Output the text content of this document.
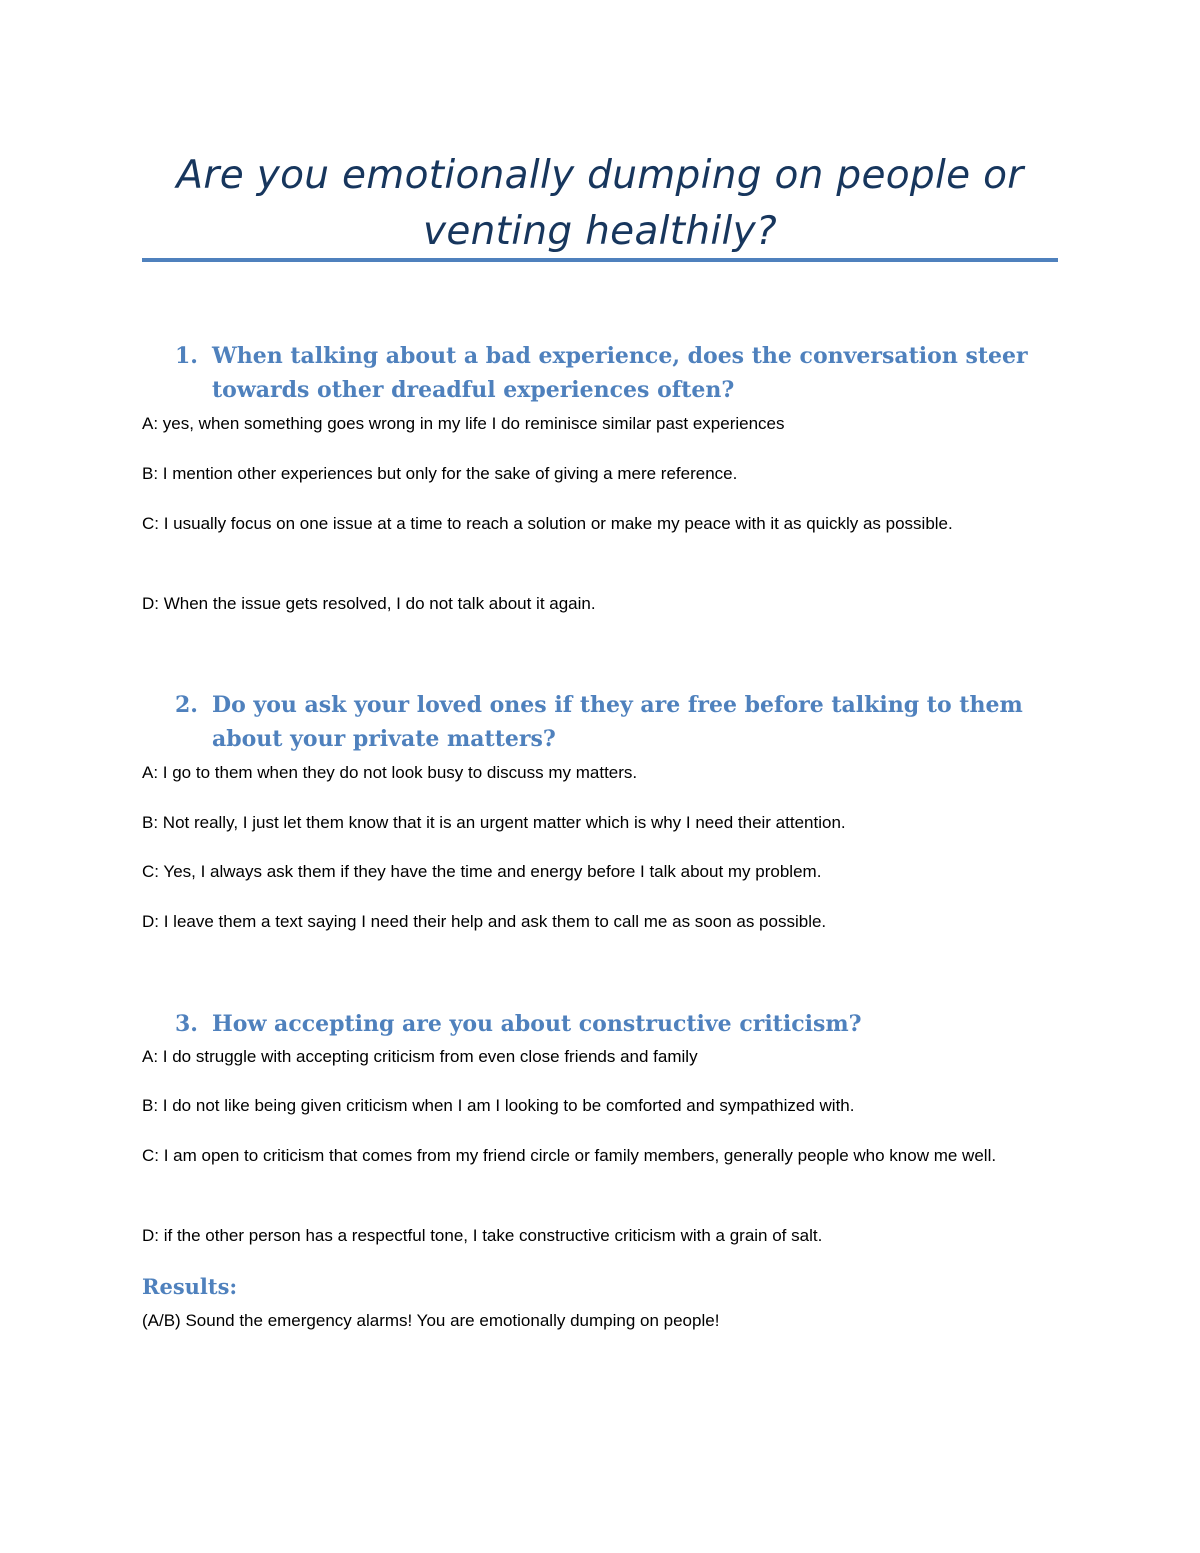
Are you emotionally dumping on people or venting healthily?
1. When talking about a bad experience, does the conversation steer towards other dreadful experiences often?
A: yes, when something goes wrong in my life I do reminisce similar past experiences
B: I mention other experiences but only for the sake of giving a mere reference.
C: I usually focus on one issue at a time to reach a solution or make my peace with it as quickly as possible.
D: When the issue gets resolved, I do not talk about it again.
2. Do you ask your loved ones if they are free before talking to them about your private matters?
A: I go to them when they do not look busy to discuss my matters.
B: Not really, I just let them know that it is an urgent matter which is why I need their attention.
C: Yes, I always ask them if they have the time and energy before I talk about my problem.
D: I leave them a text saying I need their help and ask them to call me as soon as possible.
3. How accepting are you about constructive criticism?
A: I do struggle with accepting criticism from even close friends and family
B: I do not like being given criticism when I am I looking to be comforted and sympathized with.
C: I am open to criticism that comes from my friend circle or family members, generally people who know me well.
D: if the other person has a respectful tone, I take constructive criticism with a grain of salt.
Results:
(A/B) Sound the emergency alarms! You are emotionally dumping on people!
